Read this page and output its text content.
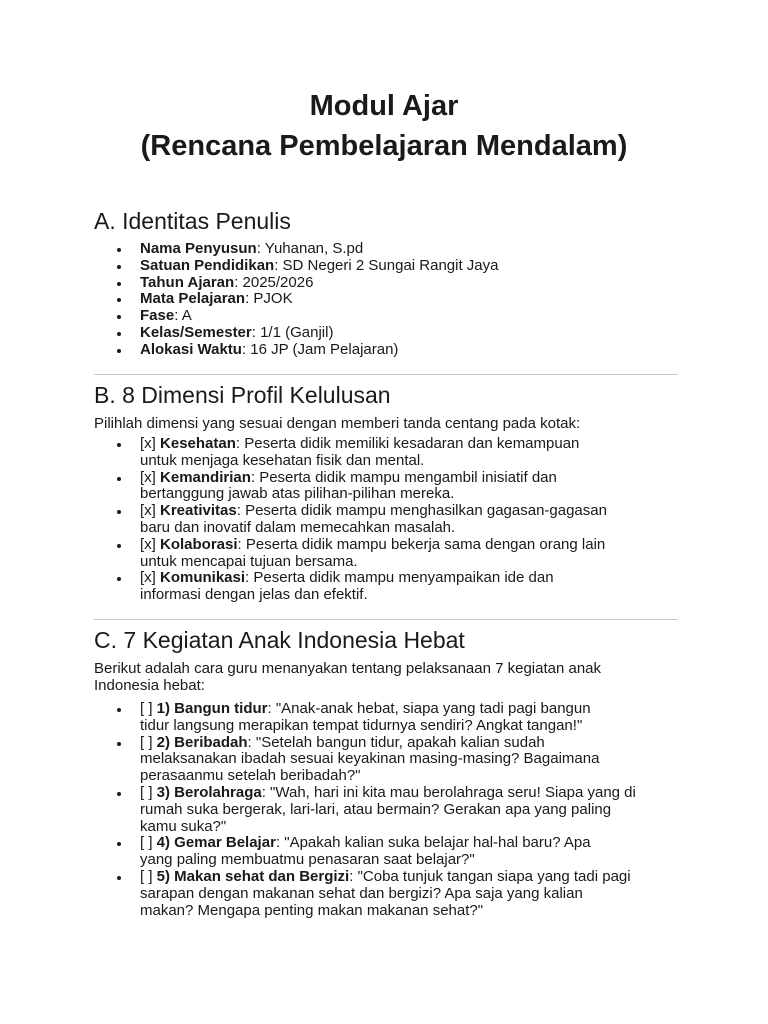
Modul Ajar
(Rencana Pembelajaran Mendalam)
A. Identitas Penulis
Nama Penyusun: Yuhanan, S.pd
Satuan Pendidikan: SD Negeri 2 Sungai Rangit Jaya
Tahun Ajaran: 2025/2026
Mata Pelajaran: PJOK
Fase: A
Kelas/Semester: 1/1 (Ganjil)
Alokasi Waktu: 16 JP (Jam Pelajaran)
B. 8 Dimensi Profil Kelulusan

Pilihlah dimensi yang sesuai dengan memberi tanda centang pada kotak:

[x] Kesehatan: Peserta didik memiliki kesadaran dan kemampuan
untuk menjaga kesehatan fisik dan mental.
[x] Kemandirian: Peserta didik mampu mengambil inisiatif dan
bertanggung jawab atas pilihan-pilihan mereka.
[x] Kreativitas: Peserta didik mampu menghasilkan gagasan-gagasan
baru dan inovatif dalam memecahkan masalah.
[x] Kolaborasi: Peserta didik mampu bekerja sama dengan orang lain
untuk mencapai tujuan bersama.
[x] Komunikasi: Peserta didik mampu menyampaikan ide dan
informasi dengan jelas dan efektif.
C. 7 Kegiatan Anak Indonesia Hebat

Berikut adalah cara guru menanyakan tentang pelaksanaan 7 kegiatan anak
Indonesia hebat:

[ ] 1) Bangun tidur: "Anak-anak hebat, siapa yang tadi pagi bangun
tidur langsung merapikan tempat tidurnya sendiri? Angkat tangan!"
[ ] 2) Beribadah: "Setelah bangun tidur, apakah kalian sudah
melaksanakan ibadah sesuai keyakinan masing-masing? Bagaimana
perasaanmu setelah beribadah?"
[ ] 3) Berolahraga: "Wah, hari ini kita mau berolahraga seru! Siapa yang di
rumah suka bergerak, lari-lari, atau bermain? Gerakan apa yang paling
kamu suka?"
[ ] 4) Gemar Belajar: "Apakah kalian suka belajar hal-hal baru? Apa
yang paling membuatmu penasaran saat belajar?"
[ ] 5) Makan sehat dan Bergizi: "Coba tunjuk tangan siapa yang tadi pagi
sarapan dengan makanan sehat dan bergizi? Apa saja yang kalian
makan? Mengapa penting makan makanan sehat?"
